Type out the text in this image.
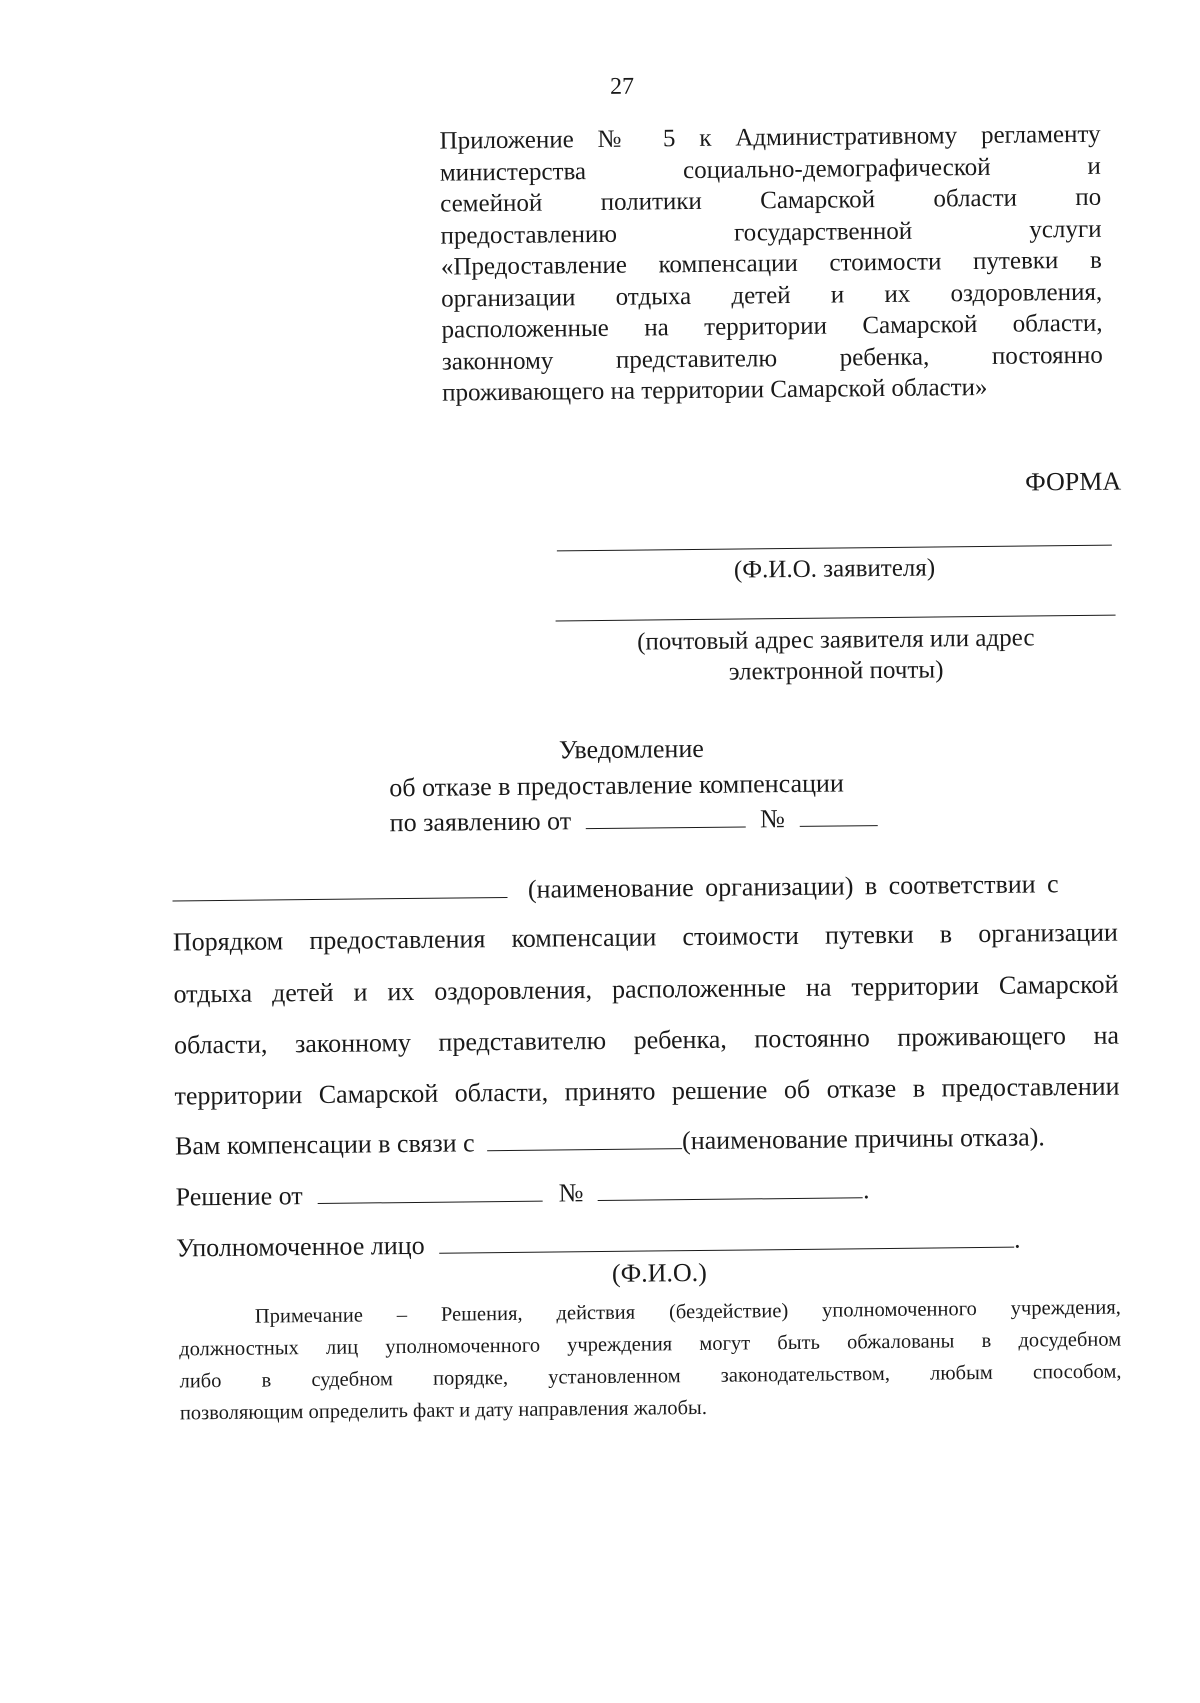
27
Приложение № 5 к Административному регламенту
министерства социально-демографической и
семейной политики Самарской области по
предоставлению государственной услуги
«Предоставление компенсации стоимости путевки в
организации отдыха детей и их оздоровления,
расположенные на территории Самарской области,
законному представителю ребенка, постоянно
проживающего на территории Самарской области»
ФОРМА
(Ф.И.О. заявителя)
(почтовый адрес заявителя или адрес
электронной почты)
Уведомление
об отказе в предоставление компенсации
по заявлению от	№
(наименование организации) в соответствии с
Порядком предоставления компенсации стоимости путевки в организации
отдыха детей и их оздоровления, расположенные на территории Самарской
области, законному представителю ребенка, постоянно проживающего на
территории Самарской области, принято решение об отказе в предоставлении
Вам компенсации в связи с	(наименование причины отказа).
Решение от	№	.
Уполномоченное лицо	.
(Ф.И.О.)
Примечание – Решения, действия (бездействие) уполномоченного учреждения,
должностных лиц уполномоченного учреждения могут быть обжалованы в досудебном
либо в судебном порядке, установленном законодательством, любым способом,
позволяющим определить факт и дату направления жалобы.
